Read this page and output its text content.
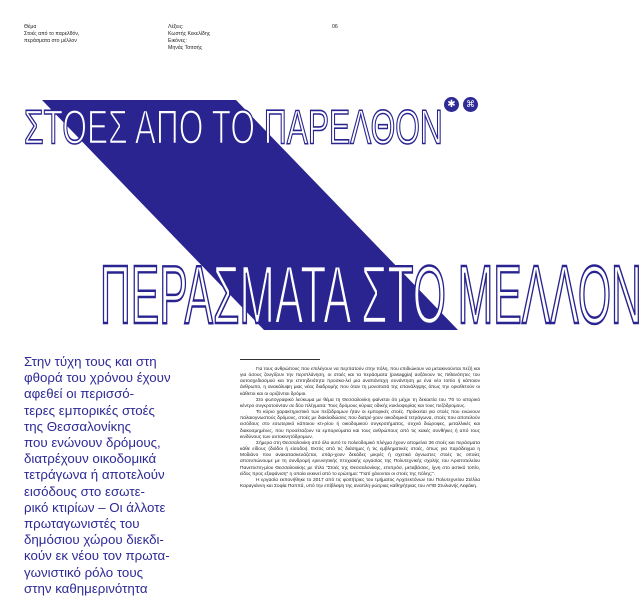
Θέμα
Στοές από το παρελθόν,
περάσματα στο μέλλον
Λέξεις:
Κωστής Κεκελίδης
Εικόνες:
Μηνάς Τσιτσής
06
ΣΤΟΕΣ ΑΠΟ ΤΟ ΠΑΡΕΛΘΟΝ
ΠΕΡΑΣΜΑΤΑ ΣΤΟ ΜΕΛΛΟΝ
✱	⌘
Στην τύχη τους και στη
φθορά του χρόνου έχουν
αφεθεί οι περισσό-
τερες εμπορικές στοές
της Θεσσαλονίκης
που ενώνουν δρόμους,
διατρέχουν οικοδομικά
τετράγωνα ή αποτελούν
εισόδους στο εσωτε-
ρικό κτιρίων – Οι άλλοτε
πρωταγωνιστές του
δημόσιου χώρου διεκδι-
κούν εκ νέου τον πρωτα-
γωνιστικό ρόλο τους
στην καθημερινότητα

Για τους ανθρώπους που επιλέγουν να περπατούν στην πόλη, που επιδιώκουν να μετακινούνται πεζή και για όσους ζουγίζουν την περιπλάνηση, οι στοές και τα περάσματα (pasaggia) αυξάνουν τις πιθανότητες του αυτοσχεδιασμού και την επιτηδειότητα προσκα-λεί μια αναπάντεχη συνάντηση με ένα νέο τοπίο ή κάποιον άνθρωπο, η ανακάλυψη μιας νέας διαδρομής που όταν τη μονοπατά της επανάληψης όπως την οριοθετούν οι κάθετοι και οι οριζόντιοι δρόμοι.

Στο φωτογραφικό λεύκωμα με θέμα τη Θεσσαλονίκη φαίνεται ότι μέχρι τη δεκαετία του '70 το ιστορικό κέντρο συγκροτούνταν σε δύο πλέγματα: Τους δρόμους κύριας οδικής κυκλοφορίας και τους πεζόδρομους.

Το κύριο χαρακτηριστικό των πεζόδρομων ήταν οι εμπορικές στοές. Πρόκειται για στοές που ενώνουν παλαιογνωστούς δρόμους, στοές με διακλαδώσεις που διατρέ-χουν οικοδομικά τετράγωνα, στοές που αποτελούν εισόδους στο εσωτερικό κάποιου κτι-ρίου ή οικοδομικού συγκροτήματος, συχνά διώροφες, μεταλλικές και διακοσμημένες, που προσέταζουν τα εμπορεύματα και τους ανθρώπους από τις κακές συνθήκες ή από τους κινδύνους των αυτοκινητόδρομων.

Σήμερα στη Θεσσαλονίκη από όλο αυτό το πολεοδομικό πλέγμα έχουν απομείνει 36 στοές και περάσματα κάθε είδους (διόδοι ή είσοδοι). Εκτός από τις διάσημες ή τις εμβληματικές στοές, όπως για παράδειγμα η Μοδιάνο που ανακατασκευάζεται, υπάρ-χουν δεκάδες μικρές ή σχετικά άγνωστες στοές τις οποίες αποτυπώνουμε με τη συνδρομή ερευνητικής πτυχιακής εργασίας της Πολυτεχνικής σχολής του Αριστοτελείου Πανεπιστη-μίου Θεσσαλονίκης με τίτλο "Στοές της Θεσσαλονίκης, επιπρόσ, μεταβάσεις, ίχνη στο αστικό τοπίο, είδος προς εξαφάνιση" η οποία εκκινεί από το ερώτημα: "Γιατί χάνονται οι στοές της πόλης;".

Η εργασία εκπονήθηκε το 2017 από τις φοιτήτριες του τμήματος Αρχιτεκτόνων του Πολυτεχνείου Στέλλα Καραγιάννη και Σοφία Παππά, υπό την επίβλεψη της αναπλη-ρώτριας καθηγήτριας του ΑΠΘ Στυλιανής Λεφάκη.
